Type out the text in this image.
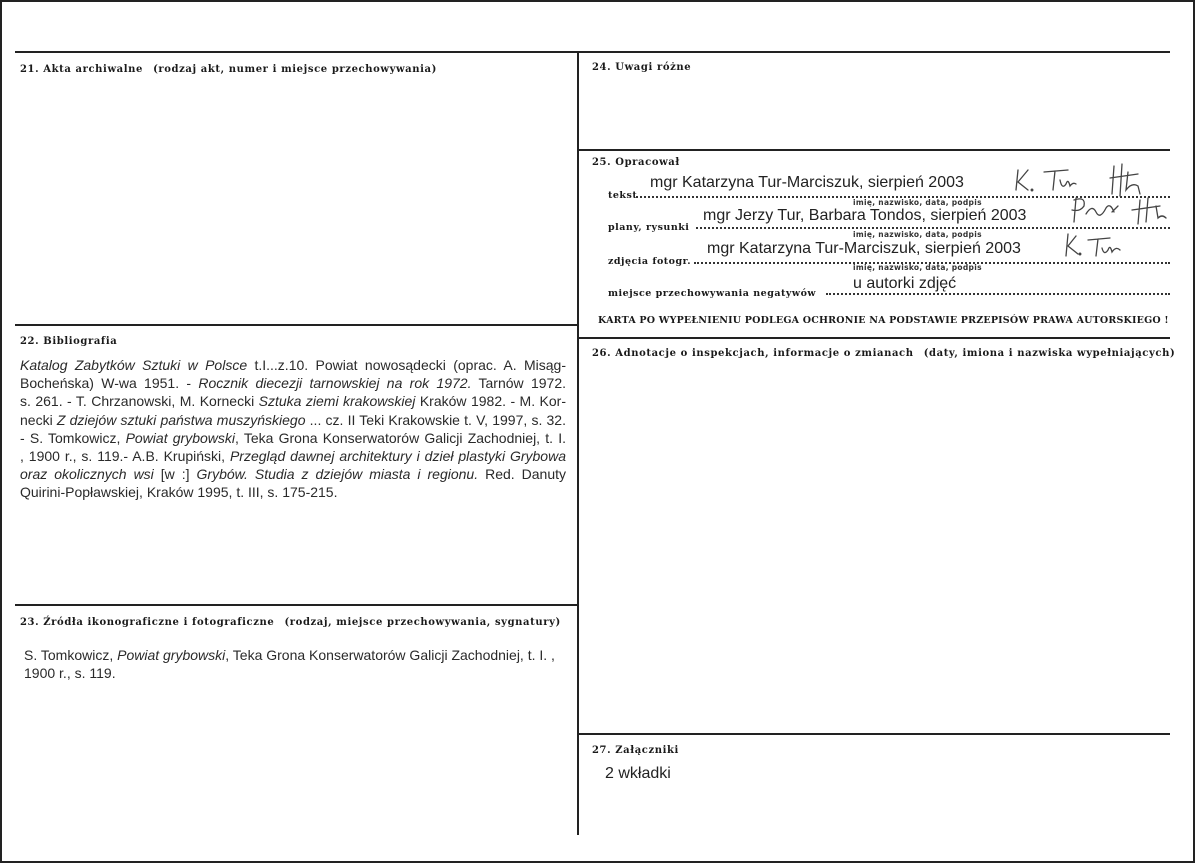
21. Akta archiwalne (rodzaj akt, numer i miejsce przechowywania)
22. Bibliografia
Katalog Zabytków Sztuki w Polsce t.I...z.10. Powiat nowosądecki (oprac. A. Misąg-
Bocheńska) W-wa 1951. - Rocznik diecezji tarnowskiej na rok 1972. Tarnów 1972.
s. 261. - T. Chrzanowski, M. Kornecki Sztuka ziemi krakowskiej Kraków 1982. - M. Kor-
necki Z dziejów sztuki państwa muszyńskiego ... cz. II Teki Krakowskie t. V, 1997, s. 32.
- S. Tomkowicz, Powiat grybowski, Teka Grona Konserwatorów Galicji Zachodniej, t. I.
, 1900 r., s. 119.- A.B. Krupiński, Przegląd dawnej architektury i dzieł plastyki Grybowa
oraz okolicznych wsi [w :] Grybów. Studia z dziejów miasta i regionu. Red. Danuty
Quirini-Popławskiej, Kraków 1995, t. III, s. 175-215.
23. Źródła ikonograficzne i fotograficzne (rodzaj, miejsce przechowywania, sygnatury)
S. Tomkowicz, Powiat grybowski, Teka Grona Konserwatorów Galicji Zachodniej, t. I. ,
1900 r., s. 119.
24. Uwagi różne
25. Opracował
tekst
mgr Katarzyna Tur-Marciszuk, sierpień 2003
imię, nazwisko, data, podpis
plany, rysunki
mgr Jerzy Tur, Barbara Tondos, sierpień 2003
imię, nazwisko, data, podpis
zdjęcia fotogr.
mgr Katarzyna Tur-Marciszuk, sierpień 2003
imię, nazwisko, data, podpis
miejsce przechowywania negatywów
u autorki zdjęć
KARTA PO WYPEŁNIENIU PODLEGA OCHRONIE NA PODSTAWIE PRZEPISÓW PRAWA AUTORSKIEGO !
26. Adnotacje o inspekcjach, informacje o zmianach (daty, imiona i nazwiska wypełniających)
27. Załączniki
2 wkładki
